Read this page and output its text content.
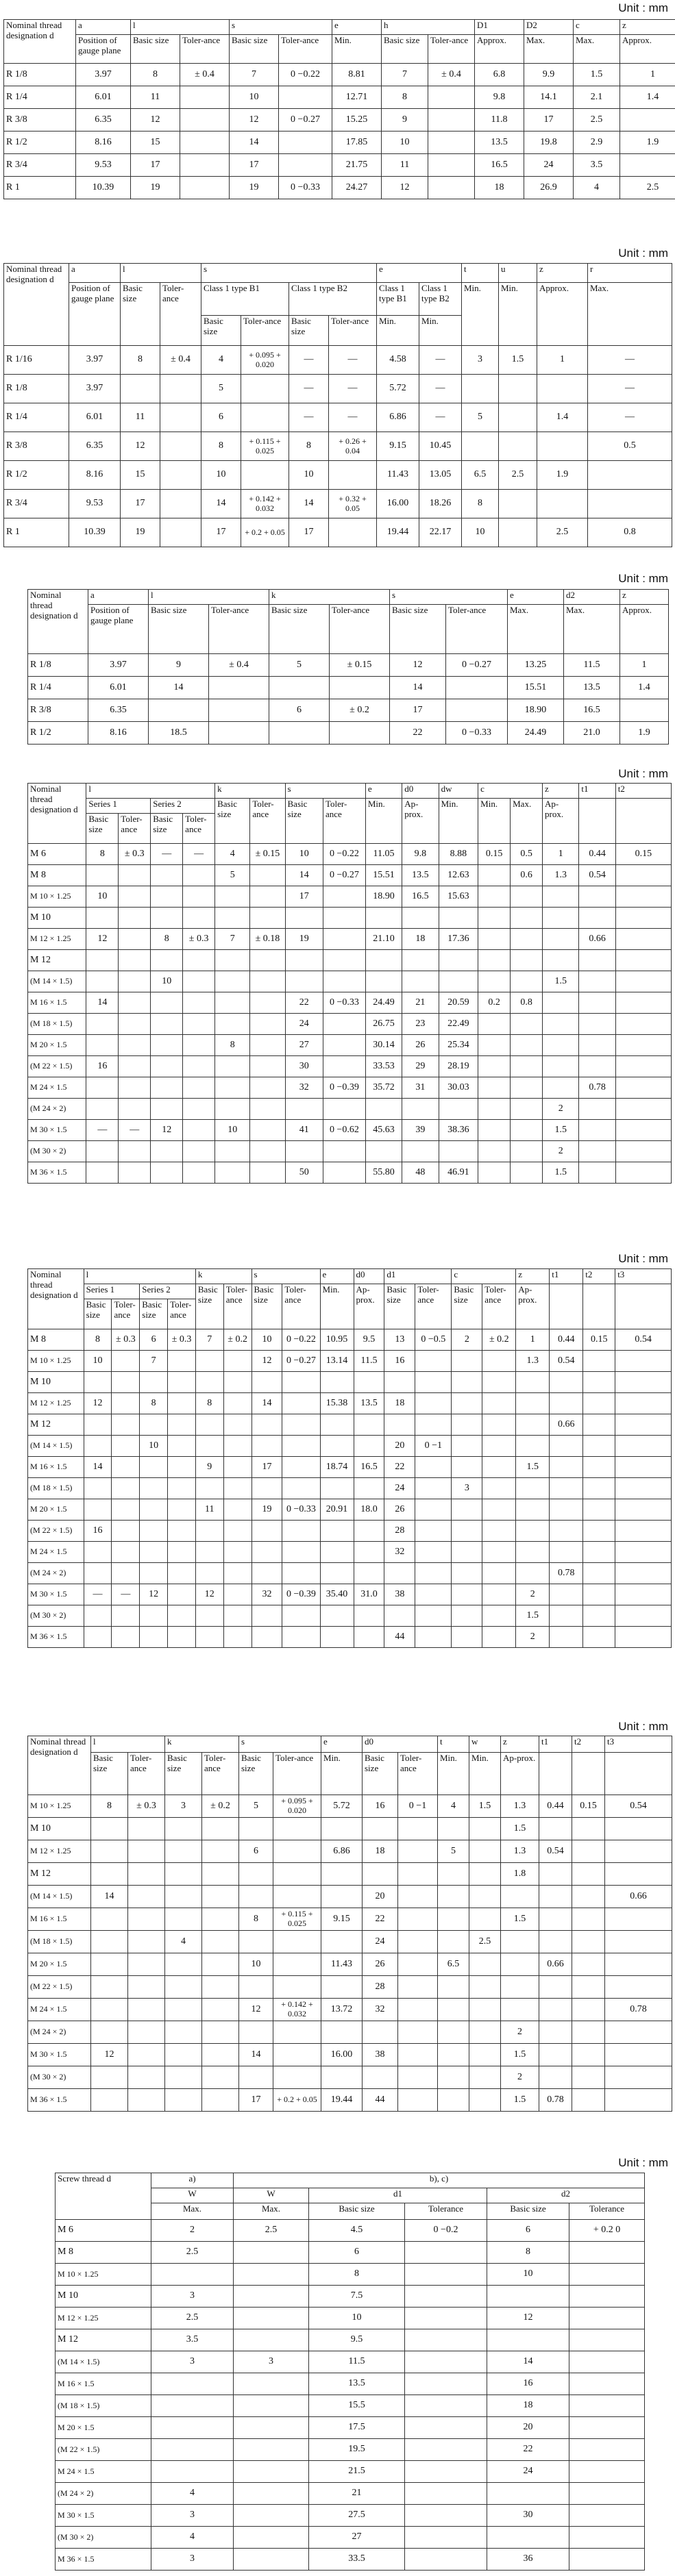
Unit : mm
Nominal thread designation d	a	l		s		e	h		D1	D2	c	z
	Position of gauge plane	Basic size	Toler-ance	Basic size	Toler-ance	Min.	Basic size	Toler-ance	Approx.	Max.	Max.	Approx.
R 1/8	3.97	8	± 0.4	7	0 −0.22	8.81	7	± 0.4	6.8	9.9	1.5	1
R 1/4	6.01	11		10		12.71	8		9.8	14.1	2.1	1.4
R 3/8	6.35	12		12	0 −0.27	15.25	9		11.8	17	2.5	
R 1/2	8.16	15		14		17.85	10		13.5	19.8	2.9	1.9
R 3/4	9.53	17		17		21.75	11		16.5	24	3.5	
R 1	10.39	19		19	0 −0.33	24.27	12		18	26.9	4	2.5
Unit : mm
Nominal thread designation d	a	l		s				e		t	u	z	r
	Position of gauge plane	Basic size	Toler-ance	Class 1 type B1		Class 1 type B2		Class 1 type B1	Class 1 type B2	Min.	Min.	Approx.	Max.
				Basic size	Toler-ance	Basic size	Toler-ance	Min.	Min.				
R 1/16	3.97	8	± 0.4	4	+ 0.095 + 0.020	—	—	4.58	—	3	1.5	1	—
R 1/8	3.97			5		—	—	5.72	—				—
R 1/4	6.01	11		6		—	—	6.86	—	5		1.4	—
R 3/8	6.35	12		8	+ 0.115 + 0.025	8	+ 0.26 + 0.04	9.15	10.45				0.5
R 1/2	8.16	15		10		10		11.43	13.05	6.5	2.5	1.9	
R 3/4	9.53	17		14	+ 0.142 + 0.032	14	+ 0.32 + 0.05	16.00	18.26	8			
R 1	10.39	19		17	+ 0.2 + 0.05	17		19.44	22.17	10		2.5	0.8
Unit : mm
Nominal thread designation d	a	l		k		s		e	d2	z
	Position of gauge plane	Basic size	Toler-ance	Basic size	Toler-ance	Basic size	Toler-ance	Max.	Max.	Approx.
R 1/8	3.97	9	± 0.4	5	± 0.15	12	0 −0.27	13.25	11.5	1
R 1/4	6.01	14				14		15.51	13.5	1.4
R 3/8	6.35			6	± 0.2	17		18.90	16.5	
R 1/2	8.16	18.5				22	0 −0.33	24.49	21.0	1.9
Unit : mm
Nominal thread designation d	l				k		s		e	d0	dw	c		z	t1	t2
	Series 1		Series 2		Basic size	Toler-ance	Basic size	Toler-ance	Min.	Ap-prox.	Min.	Min.	Max.	Ap-prox.		
	Basic size	Toler-ance	Basic size	Toler-ance												
M 6	8	± 0.3	—	—	4	± 0.15	10	0 −0.22	11.05	9.8	8.88	0.15	0.5	1	0.44	0.15
M 8					5		14	0 −0.27	15.51	13.5	12.63		0.6	1.3	0.54	
M 10 × 1.25	10						17		18.90	16.5	15.63					
M 10																
M 12 × 1.25	12		8	± 0.3	7	± 0.18	19		21.10	18	17.36				0.66	
M 12																
(M 14 × 1.5)			10											1.5		
M 16 × 1.5	14						22	0 −0.33	24.49	21	20.59	0.2	0.8			
(M 18 × 1.5)							24		26.75	23	22.49					
M 20 × 1.5					8		27		30.14	26	25.34					
(M 22 × 1.5)	16						30		33.53	29	28.19					
M 24 × 1.5							32	0 −0.39	35.72	31	30.03				0.78	
(M 24 × 2)														2		
M 30 × 1.5	—	—	12		10		41	0 −0.62	45.63	39	38.36			1.5		
(M 30 × 2)														2		
M 36 × 1.5							50		55.80	48	46.91			1.5		
Unit : mm
Nominal thread designation d	l				k		s		e	d0	d1		c		z	t1	t2	t3
	Series 1		Series 2		Basic size	Toler-ance	Basic size	Toler-ance	Min.	Ap-prox.	Basic size	Toler-ance	Basic size	Toler-ance	Ap-prox.			
	Basic size	Toler-ance	Basic size	Toler-ance														
M 8	8	± 0.3	6	± 0.3	7	± 0.2	10	0 −0.22	10.95	9.5	13	0 −0.5	2	± 0.2	1	0.44	0.15	0.54
M 10 × 1.25	10		7				12	0 −0.27	13.14	11.5	16				1.3	0.54		
M 10																		
M 12 × 1.25	12		8		8		14		15.38	13.5	18							
M 12																0.66		
(M 14 × 1.5)			10								20	0 −1						
M 16 × 1.5	14				9		17		18.74	16.5	22				1.5			
(M 18 × 1.5)											24		3					
M 20 × 1.5					11		19	0 −0.33	20.91	18.0	26							
(M 22 × 1.5)	16										28							
M 24 × 1.5											32							
(M 24 × 2)																0.78		
M 30 × 1.5	—	—	12		12		32	0 −0.39	35.40	31.0	38				2			
(M 30 × 2)															1.5			
M 36 × 1.5											44				2			
Unit : mm
Nominal thread designation d	l		k		s		e	d0		t	w	z	t1	t2	t3
	Basic size	Toler-ance	Basic size	Toler-ance	Basic size	Toler-ance	Min.	Basic size	Toler-ance	Min.	Min.	Ap-prox.			
M 10 × 1.25	8	± 0.3	3	± 0.2	5	+ 0.095 + 0.020	5.72	16	0 −1	4	1.5	1.3	0.44	0.15	0.54
M 10												1.5			
M 12 × 1.25					6		6.86	18		5		1.3	0.54		
M 12												1.8			
(M 14 × 1.5)	14							20							0.66
M 16 × 1.5					8	+ 0.115 + 0.025	9.15	22				1.5			
(M 18 × 1.5)			4					24			2.5				
M 20 × 1.5					10		11.43	26		6.5			0.66		
(M 22 × 1.5)								28							
M 24 × 1.5					12	+ 0.142 + 0.032	13.72	32							0.78
(M 24 × 2)												2			
M 30 × 1.5	12				14		16.00	38				1.5			
(M 30 × 2)												2			
M 36 × 1.5					17	+ 0.2 + 0.05	19.44	44				1.5	0.78		
Unit : mm
Screw thread d	a)	b), c)				
	W	W	d1		d2	
	Max.	Max.	Basic size	Tolerance	Basic size	Tolerance
M 6	2	2.5	4.5	0 −0.2	6	+ 0.2 0
M 8	2.5		6		8	
M 10 × 1.25			8		10	
M 10	3		7.5			
M 12 × 1.25	2.5		10		12	
M 12	3.5		9.5			
(M 14 × 1.5)	3	3	11.5		14	
M 16 × 1.5			13.5		16	
(M 18 × 1.5)			15.5		18	
M 20 × 1.5			17.5		20	
(M 22 × 1.5)			19.5		22	
M 24 × 1.5			21.5		24	
(M 24 × 2)	4		21			
M 30 × 1.5	3		27.5		30	
(M 30 × 2)	4		27			
M 36 × 1.5	3		33.5		36	
